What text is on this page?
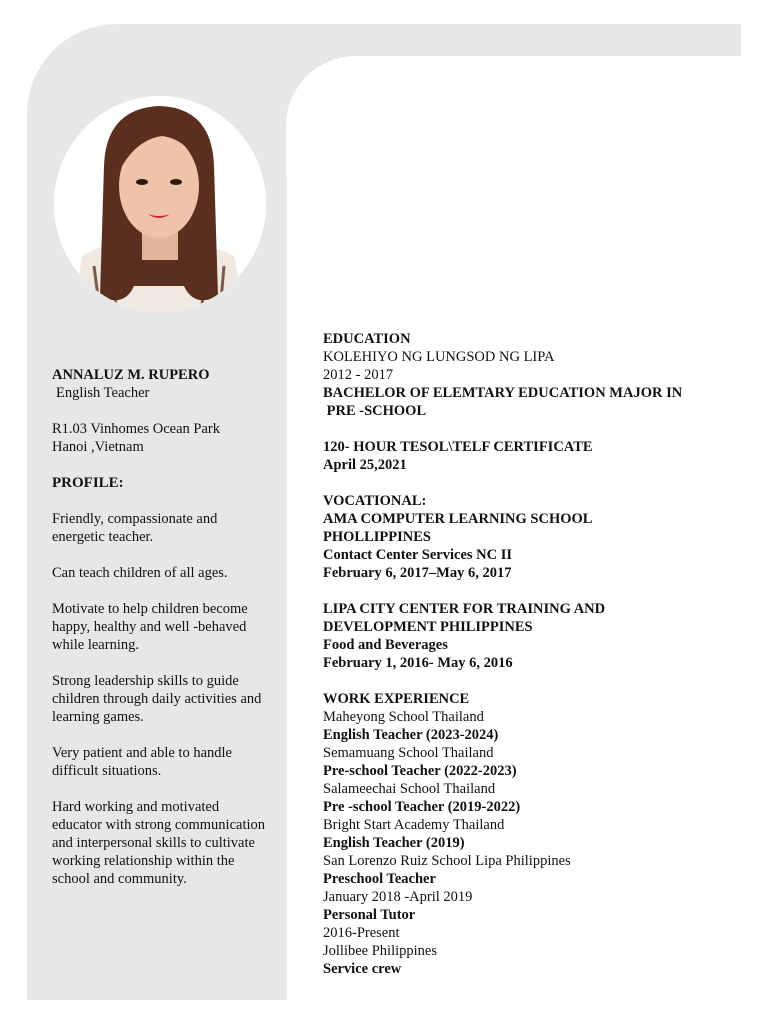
ANNALUZ M. RUPERO
English Teacher
R1.03 Vinhomes Ocean Park
Hanoi ,Vietnam
PROFILE:

Friendly, compassionate and energetic teacher.

Can teach children of all ages.

Motivate to help children become happy, healthy and well -behaved while learning.

Strong leadership skills to guide children through daily activities and learning games.

Very patient and able to handle difficult situations.

Hard working and motivated educator with strong communication and interpersonal skills to cultivate working relationship within the school and community.

EDUCATION
KOLEHIYO NG LUNGSOD NG LIPA
2012 - 2017
BACHELOR OF ELEMTARY EDUCATION MAJOR IN
PRE -SCHOOL
120- HOUR TESOL\TELF CERTIFICATE
April 25,2021
VOCATIONAL:
AMA COMPUTER LEARNING SCHOOL
PHOLLIPPINES
Contact Center Services NC II
February 6, 2017–May 6, 2017
LIPA CITY CENTER FOR TRAINING AND
DEVELOPMENT PHILIPPINES
Food and Beverages
February 1, 2016- May 6, 2016
WORK EXPERIENCE
Maheyong School Thailand
English Teacher (2023-2024)
Semamuang School Thailand
Pre-school Teacher (2022-2023)
Salameechai School Thailand
Pre -school Teacher (2019-2022)
Bright Start Academy Thailand
English Teacher (2019)
San Lorenzo Ruiz School Lipa Philippines
Preschool Teacher
January 2018 -April 2019
Personal Tutor
2016-Present
Jollibee Philippines
Service crew
